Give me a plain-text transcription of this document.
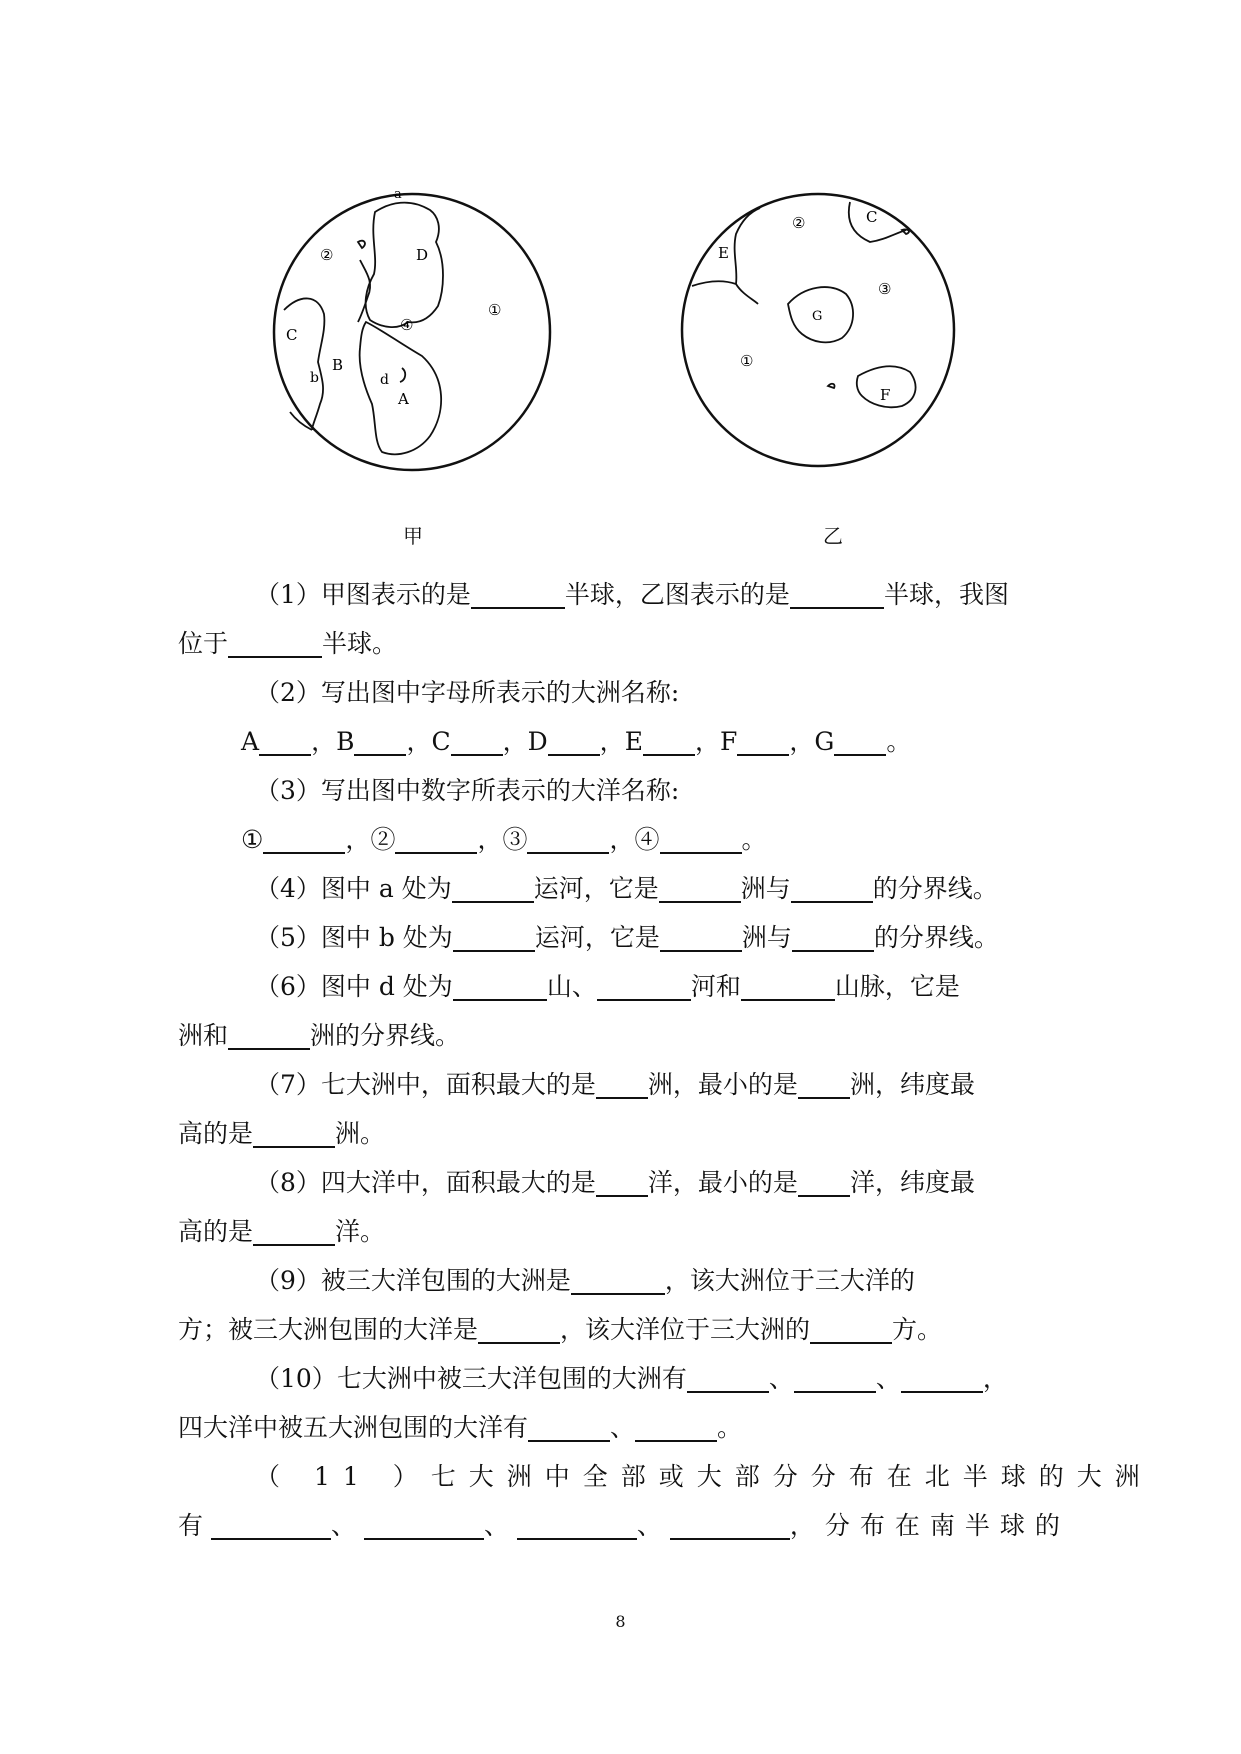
a
D
②
①
④
C
B
b	d
A
甲
②	C
E
③
G
①
F
乙
（1）甲图表示的是	半球，乙图表示的是	半球，我图
位于	半球。
（2）写出图中字母所表示的大洲名称:
A ，B ，C ，D ，E ，F ，G 。
（3）写出图中数字所表示的大洋名称:
①	，②	，③	，④	。
（4）图中 a 处为	运河，它是	洲与	的分界线。
（5）图中 b 处为	运河，它是	洲与	的分界线。
（6）图中 d 处为	山、	河和	山脉，它是
洲和	洲的分界线。
（7）七大洲中，面积最大的是 洲，最小的是 洲，纬度最
高的是	洲。
（8）四大洋中，面积最大的是 洋，最小的是 洋，纬度最
高的是	洋。
（9）被三大洋包围的大洲是	，该大洲位于三大洋的
方；被三大洲包围的大洋是	，该大洋位于三大洲的	方。
（10）七大洲中被三大洋包围的大洲有	、	、	，
四大洋中被五大洲包围的大洋有	、	。
（ 11 ）七大洲中全部或大部分分布在北半球的大洲
有	、	、	、	，分布在南半球的
8
